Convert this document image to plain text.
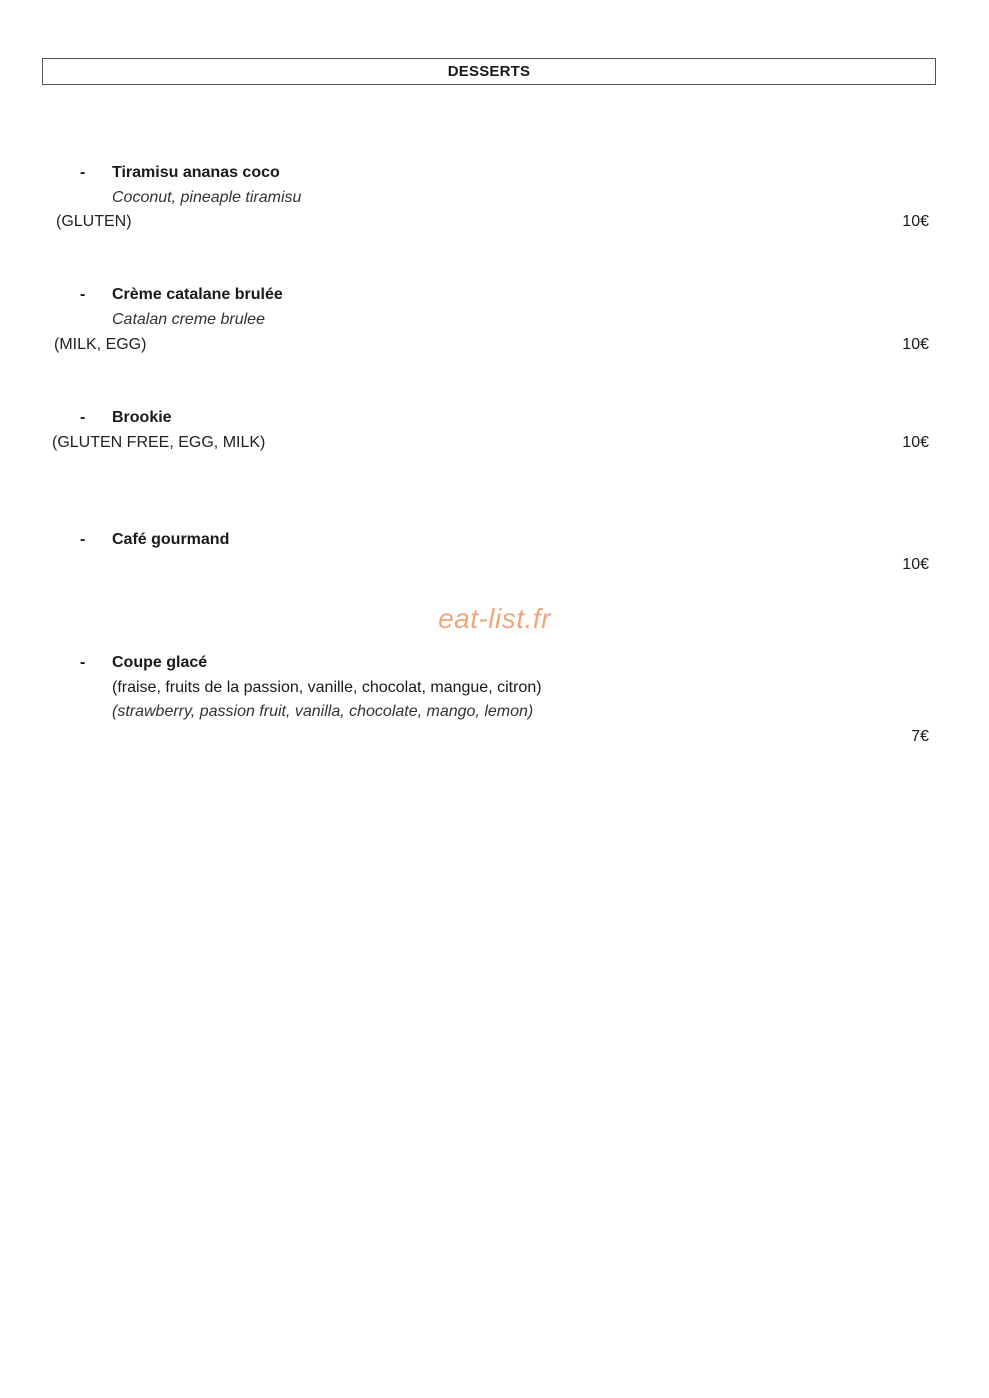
DESSERTS
- Tiramisu ananas coco
Coconut, pineaple tiramisu
(GLUTEN)	10€
- Crème catalane brulée
Catalan creme brulee
(MILK, EGG)	10€
- Brookie
(GLUTEN FREE, EGG, MILK)	10€
- Café gourmand
10€
eat-list.fr
- Coupe glacé
(fraise, fruits de la passion, vanille, chocolat, mangue, citron)
(strawberry, passion fruit, vanilla, chocolate, mango, lemon)
7€
